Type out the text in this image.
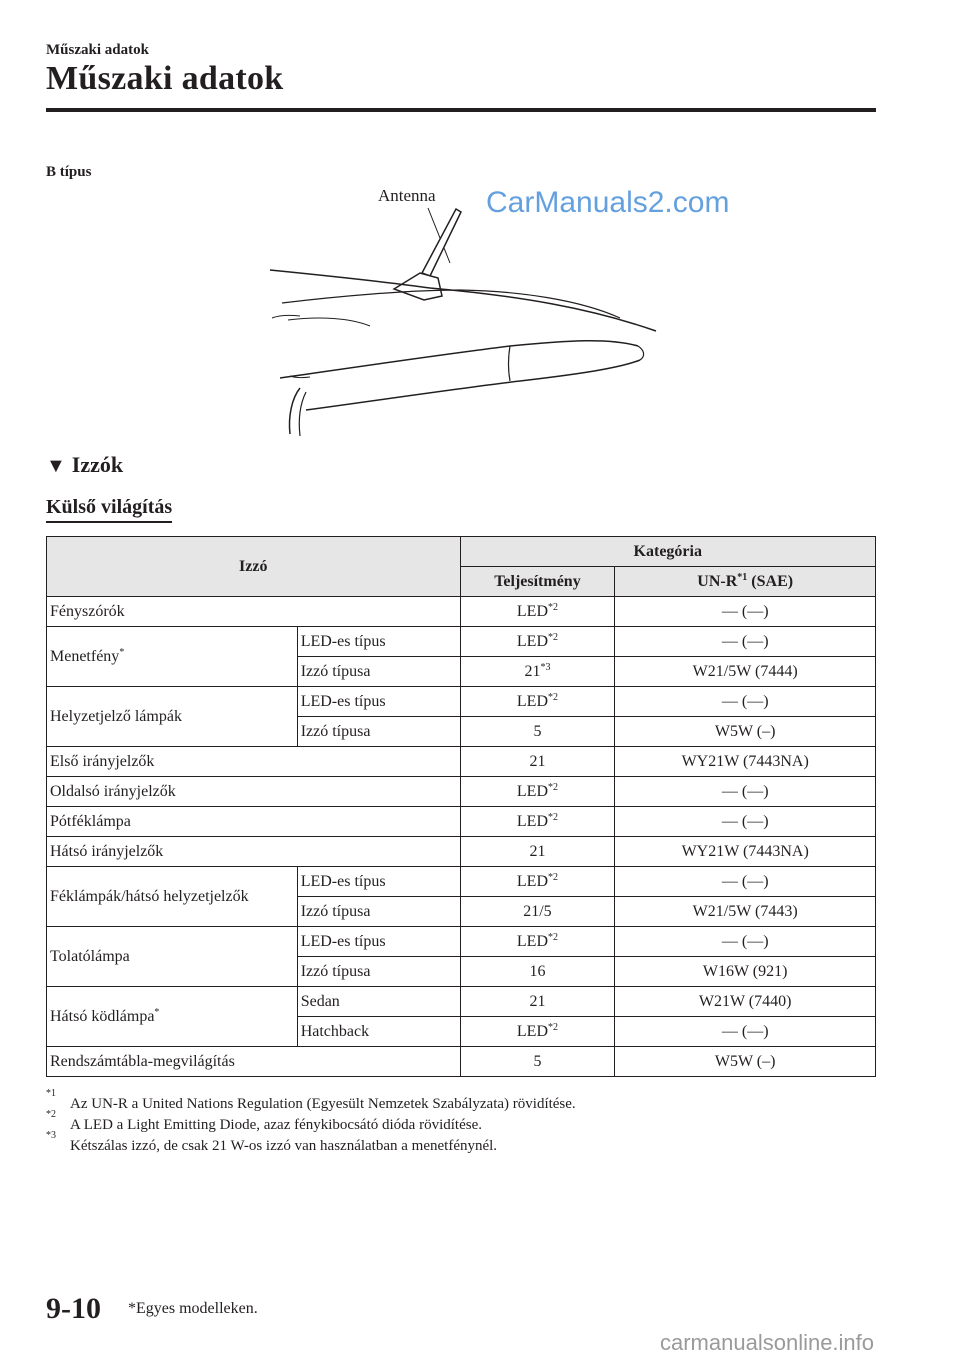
Műszaki adatok
Műszaki adatok
B típus
Antenna CarManuals2.com
▼ Izzók
Külső világítás
Izzó		Kategória	
		Teljesítmény	$UN-R^{*1}$ (SAE)
Fényszórók		LED$^{*2}$	— (—)
Menetfény*	LED-es típus	LED$^{*2}$	— (—)
	Izzó típusa	21$^{*3}$	W21/5W (7444)
Helyzetjelző lámpák	LED-es típus	LED$^{*2}$	— (—)
	Izzó típusa	5	W5W (–)
Első irányjelzők		21	WY21W (7443NA)
Oldalsó irányjelzők		LED$^{*2}$	— (—)
Pótféklámpa		LED$^{*2}$	— (—)
Hátsó irányjelzők		21	WY21W (7443NA)
Féklámpák/hátsó helyzetjelzők	LED-es típus	LED$^{*2}$	— (—)
	Izzó típusa	21/5	W21/5W (7443)
Tolatólámpa	LED-es típus	LED$^{*2}$	— (—)
	Izzó típusa	16	W16W (921)
Hátsó ködlámpa*	Sedan	21	W21W (7440)
	Hatchback	LED$^{*2}$	— (—)
Rendszámtábla-megvilágítás		5	W5W (–)
*1
Az UN-R a United Nations Regulation (Egyesült Nemzetek Szabályzata) rövidítése.
*2
A LED a Light Emitting Diode, azaz fénykibocsátó dióda rövidítése.
*3
Kétszálas izzó, de csak 21 W-os izzó van használatban a menetfénynél.
9-10 *Egyes modelleken.
carmanualsonline.info
